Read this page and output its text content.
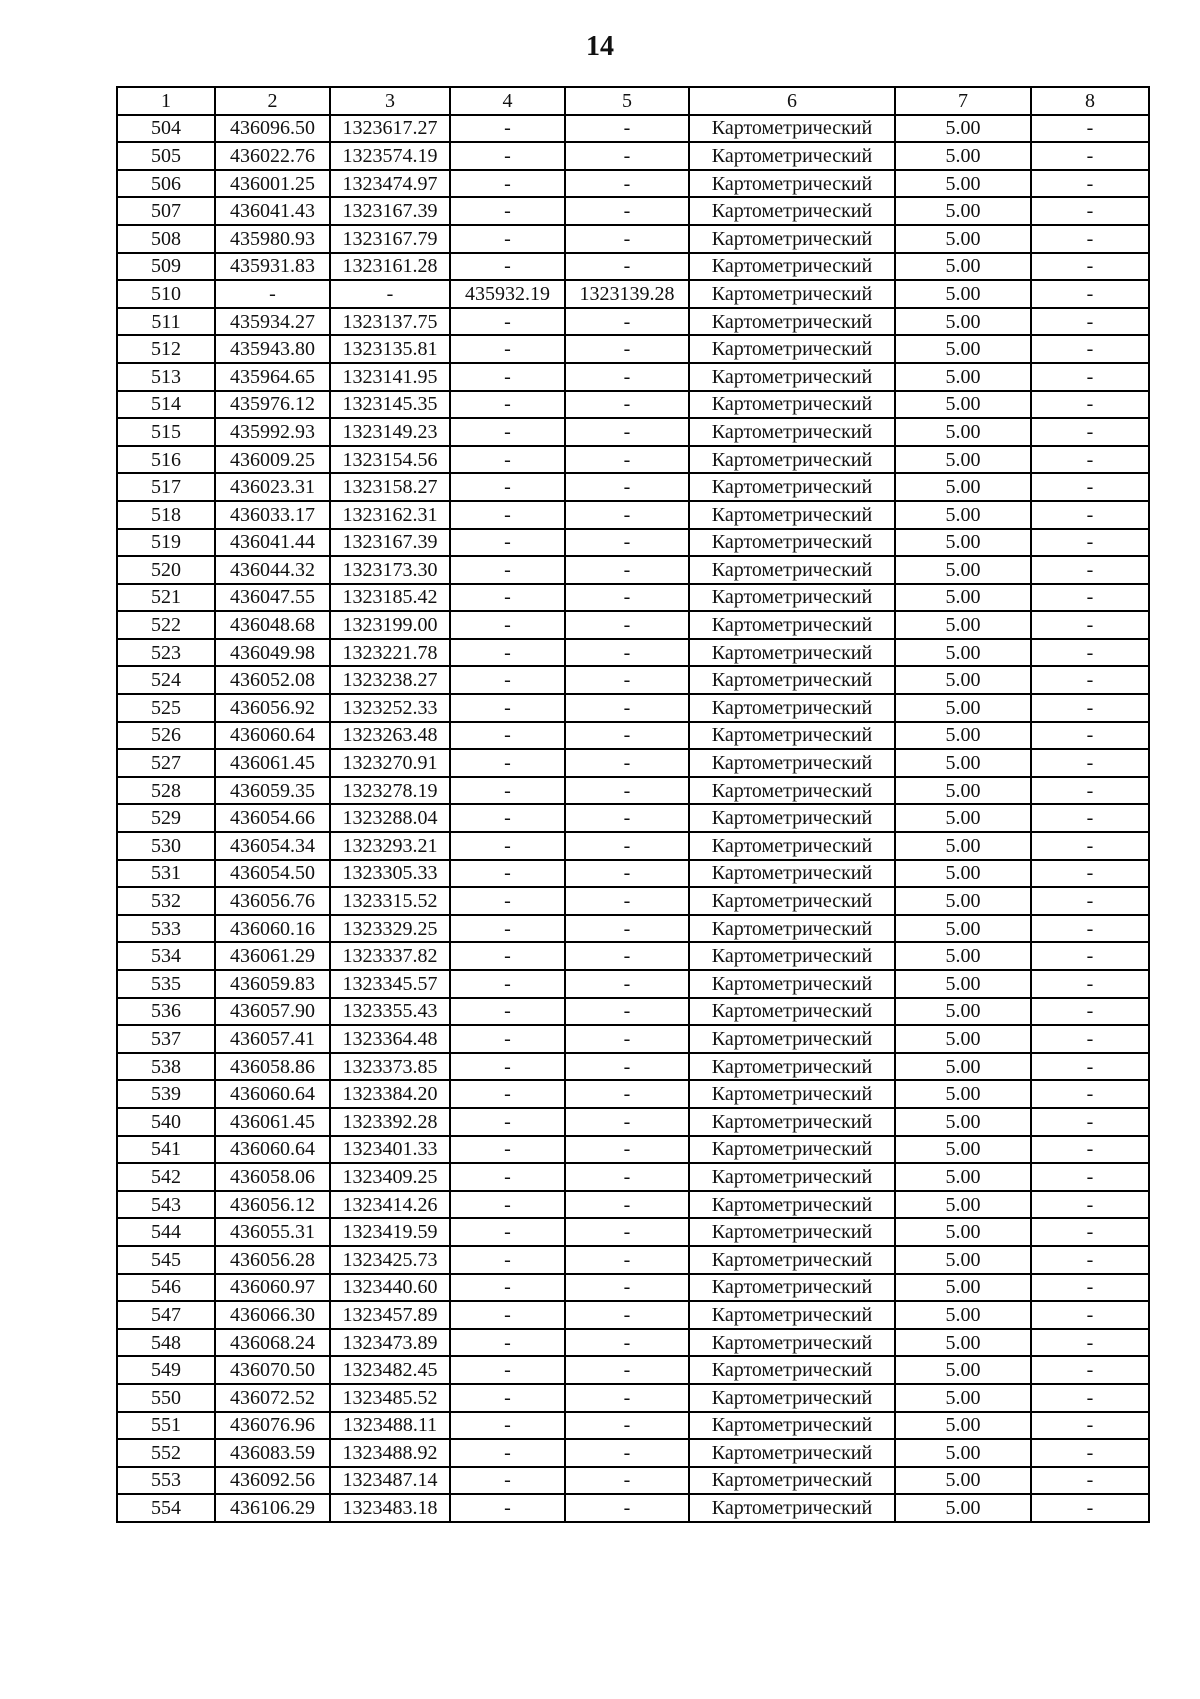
14
1	2	3	4	5	6	7	8
504	436096.50	1323617.27	-	-	Картометрический	5.00	-
505	436022.76	1323574.19	-	-	Картометрический	5.00	-
506	436001.25	1323474.97	-	-	Картометрический	5.00	-
507	436041.43	1323167.39	-	-	Картометрический	5.00	-
508	435980.93	1323167.79	-	-	Картометрический	5.00	-
509	435931.83	1323161.28	-	-	Картометрический	5.00	-
510	-	-	435932.19	1323139.28	Картометрический	5.00	-
511	435934.27	1323137.75	-	-	Картометрический	5.00	-
512	435943.80	1323135.81	-	-	Картометрический	5.00	-
513	435964.65	1323141.95	-	-	Картометрический	5.00	-
514	435976.12	1323145.35	-	-	Картометрический	5.00	-
515	435992.93	1323149.23	-	-	Картометрический	5.00	-
516	436009.25	1323154.56	-	-	Картометрический	5.00	-
517	436023.31	1323158.27	-	-	Картометрический	5.00	-
518	436033.17	1323162.31	-	-	Картометрический	5.00	-
519	436041.44	1323167.39	-	-	Картометрический	5.00	-
520	436044.32	1323173.30	-	-	Картометрический	5.00	-
521	436047.55	1323185.42	-	-	Картометрический	5.00	-
522	436048.68	1323199.00	-	-	Картометрический	5.00	-
523	436049.98	1323221.78	-	-	Картометрический	5.00	-
524	436052.08	1323238.27	-	-	Картометрический	5.00	-
525	436056.92	1323252.33	-	-	Картометрический	5.00	-
526	436060.64	1323263.48	-	-	Картометрический	5.00	-
527	436061.45	1323270.91	-	-	Картометрический	5.00	-
528	436059.35	1323278.19	-	-	Картометрический	5.00	-
529	436054.66	1323288.04	-	-	Картометрический	5.00	-
530	436054.34	1323293.21	-	-	Картометрический	5.00	-
531	436054.50	1323305.33	-	-	Картометрический	5.00	-
532	436056.76	1323315.52	-	-	Картометрический	5.00	-
533	436060.16	1323329.25	-	-	Картометрический	5.00	-
534	436061.29	1323337.82	-	-	Картометрический	5.00	-
535	436059.83	1323345.57	-	-	Картометрический	5.00	-
536	436057.90	1323355.43	-	-	Картометрический	5.00	-
537	436057.41	1323364.48	-	-	Картометрический	5.00	-
538	436058.86	1323373.85	-	-	Картометрический	5.00	-
539	436060.64	1323384.20	-	-	Картометрический	5.00	-
540	436061.45	1323392.28	-	-	Картометрический	5.00	-
541	436060.64	1323401.33	-	-	Картометрический	5.00	-
542	436058.06	1323409.25	-	-	Картометрический	5.00	-
543	436056.12	1323414.26	-	-	Картометрический	5.00	-
544	436055.31	1323419.59	-	-	Картометрический	5.00	-
545	436056.28	1323425.73	-	-	Картометрический	5.00	-
546	436060.97	1323440.60	-	-	Картометрический	5.00	-
547	436066.30	1323457.89	-	-	Картометрический	5.00	-
548	436068.24	1323473.89	-	-	Картометрический	5.00	-
549	436070.50	1323482.45	-	-	Картометрический	5.00	-
550	436072.52	1323485.52	-	-	Картометрический	5.00	-
551	436076.96	1323488.11	-	-	Картометрический	5.00	-
552	436083.59	1323488.92	-	-	Картометрический	5.00	-
553	436092.56	1323487.14	-	-	Картометрический	5.00	-
554	436106.29	1323483.18	-	-	Картометрический	5.00	-
